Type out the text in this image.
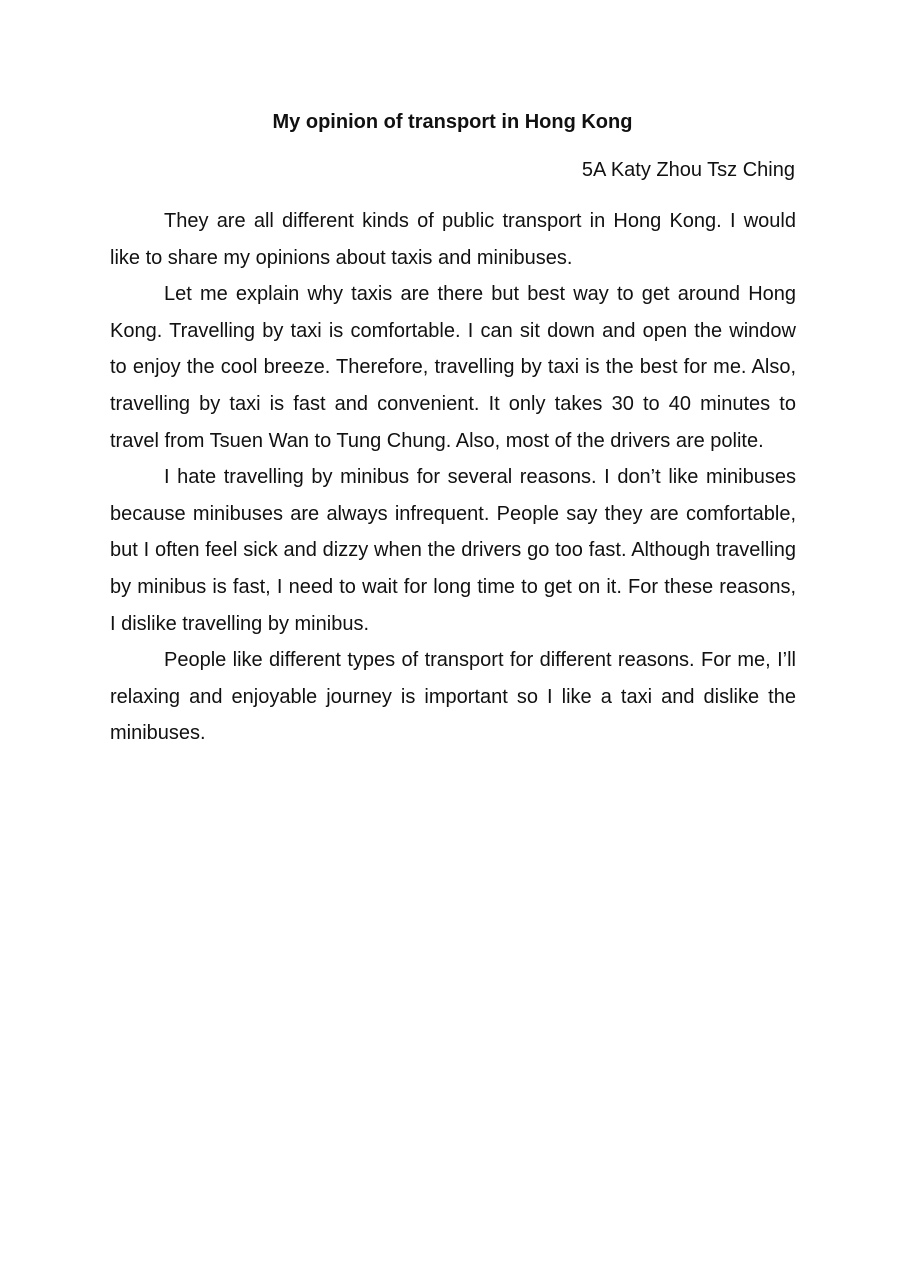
My opinion of transport in Hong Kong
5A Katy Zhou Tsz Ching

They are all different kinds of public transport in Hong Kong. I would like to share my opinions about taxis and minibuses.

Let me explain why taxis are there but best way to get around Hong Kong. Travelling by taxi is comfortable. I can sit down and open the window to enjoy the cool breeze. Therefore, travelling by taxi is the best for me. Also, travelling by taxi is fast and convenient. It only takes 30 to 40 minutes to travel from Tsuen Wan to Tung Chung. Also, most of the drivers are polite.

I hate travelling by minibus for several reasons. I don’t like minibuses because minibuses are always infrequent. People say they are comfortable, but I often feel sick and dizzy when the drivers go too fast. Although travelling by minibus is fast, I need to wait for long time to get on it. For these reasons, I dislike travelling by minibus.

People like different types of transport for different reasons. For me, I’ll relaxing and enjoyable journey is important so I like a taxi and dislike the minibuses.
